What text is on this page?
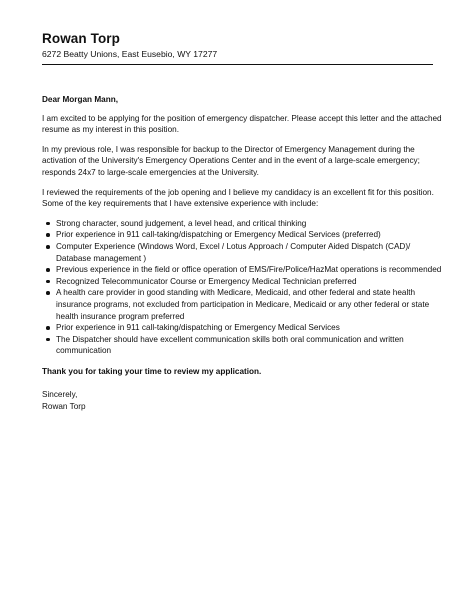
Rowan Torp
6272 Beatty Unions, East Eusebio, WY 17277
Dear Morgan Mann,

I am excited to be applying for the position of emergency dispatcher. Please accept this letter and the attached resume as my interest in this position.

In my previous role, I was responsible for backup to the Director of Emergency Management during the activation of the University's Emergency Operations Center and in the event of a large-scale emergency; responds 24x7 to large-scale emergencies at the University.

I reviewed the requirements of the job opening and I believe my candidacy is an excellent fit for this position. Some of the key requirements that I have extensive experience with include:

Strong character, sound judgement, a level head, and critical thinking
Prior experience in 911 call-taking/dispatching or Emergency Medical Services (preferred)
Computer Experience (Windows Word, Excel / Lotus Approach / Computer Aided Dispatch (CAD)/ Database management )
Previous experience in the field or office operation of EMS/Fire/Police/HazMat operations is recommended
Recognized Telecommunicator Course or Emergency Medical Technician preferred
A health care provider in good standing with Medicare, Medicaid, and other federal and state health insurance programs, not excluded from participation in Medicare, Medicaid or any other federal or state health insurance program preferred
Prior experience in 911 call-taking/dispatching or Emergency Medical Services
The Dispatcher should have excellent communication skills both oral communication and written communication
Thank you for taking your time to review my application.
Sincerely,
Rowan Torp
